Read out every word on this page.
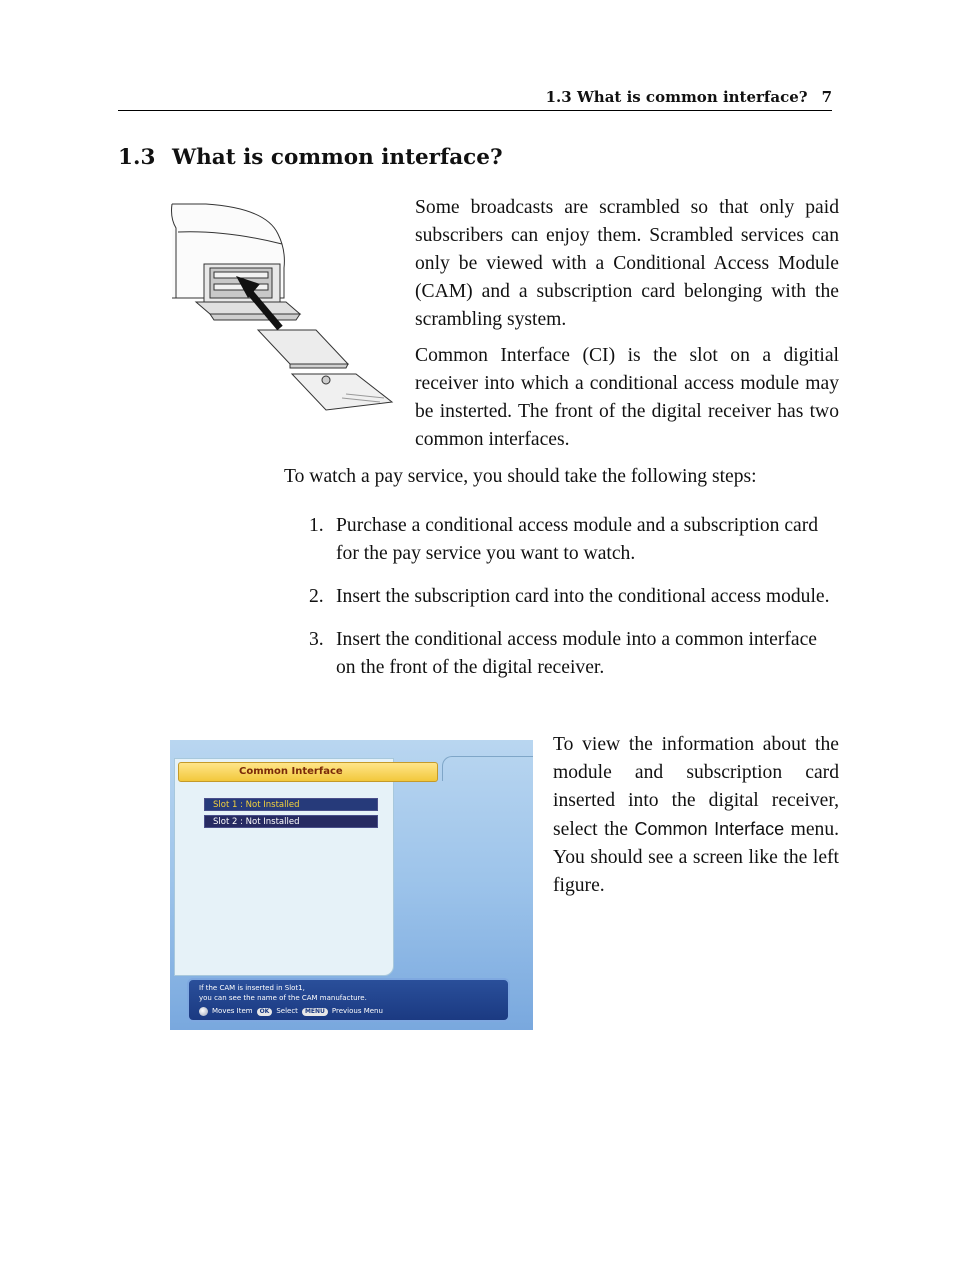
1.3 What is common interface? 7
1.3 What is common interface?

Some broadcasts are scrambled so that only paid subscribers can enjoy them. Scrambled services can only be viewed with a Conditional Access Module (CAM) and a subscription card belonging with the scrambling system.

Common Interface (CI) is the slot on a digitial receiver into which a conditional access module may be insterted. The front of the digital receiver has two common interfaces.

To watch a pay service, you should take the following steps:

1. Purchase a conditional access module and a subscription card for the pay service you want to watch.
2. Insert the subscription card into the conditional access module.
3. Insert the conditional access module into a common interface on the front of the digital receiver.
Common Interface
Slot 1 : Not Installed
Slot 2 : Not Installed
If the CAM is inserted in Slot1,
you can see the name of the CAM manufacture.
Moves Item	OK	Select	MENU	Previous Menu

To view the information about the module and subscription card inserted into the digital receiver, select the Common Interface menu. You should see a screen like the left figure.
